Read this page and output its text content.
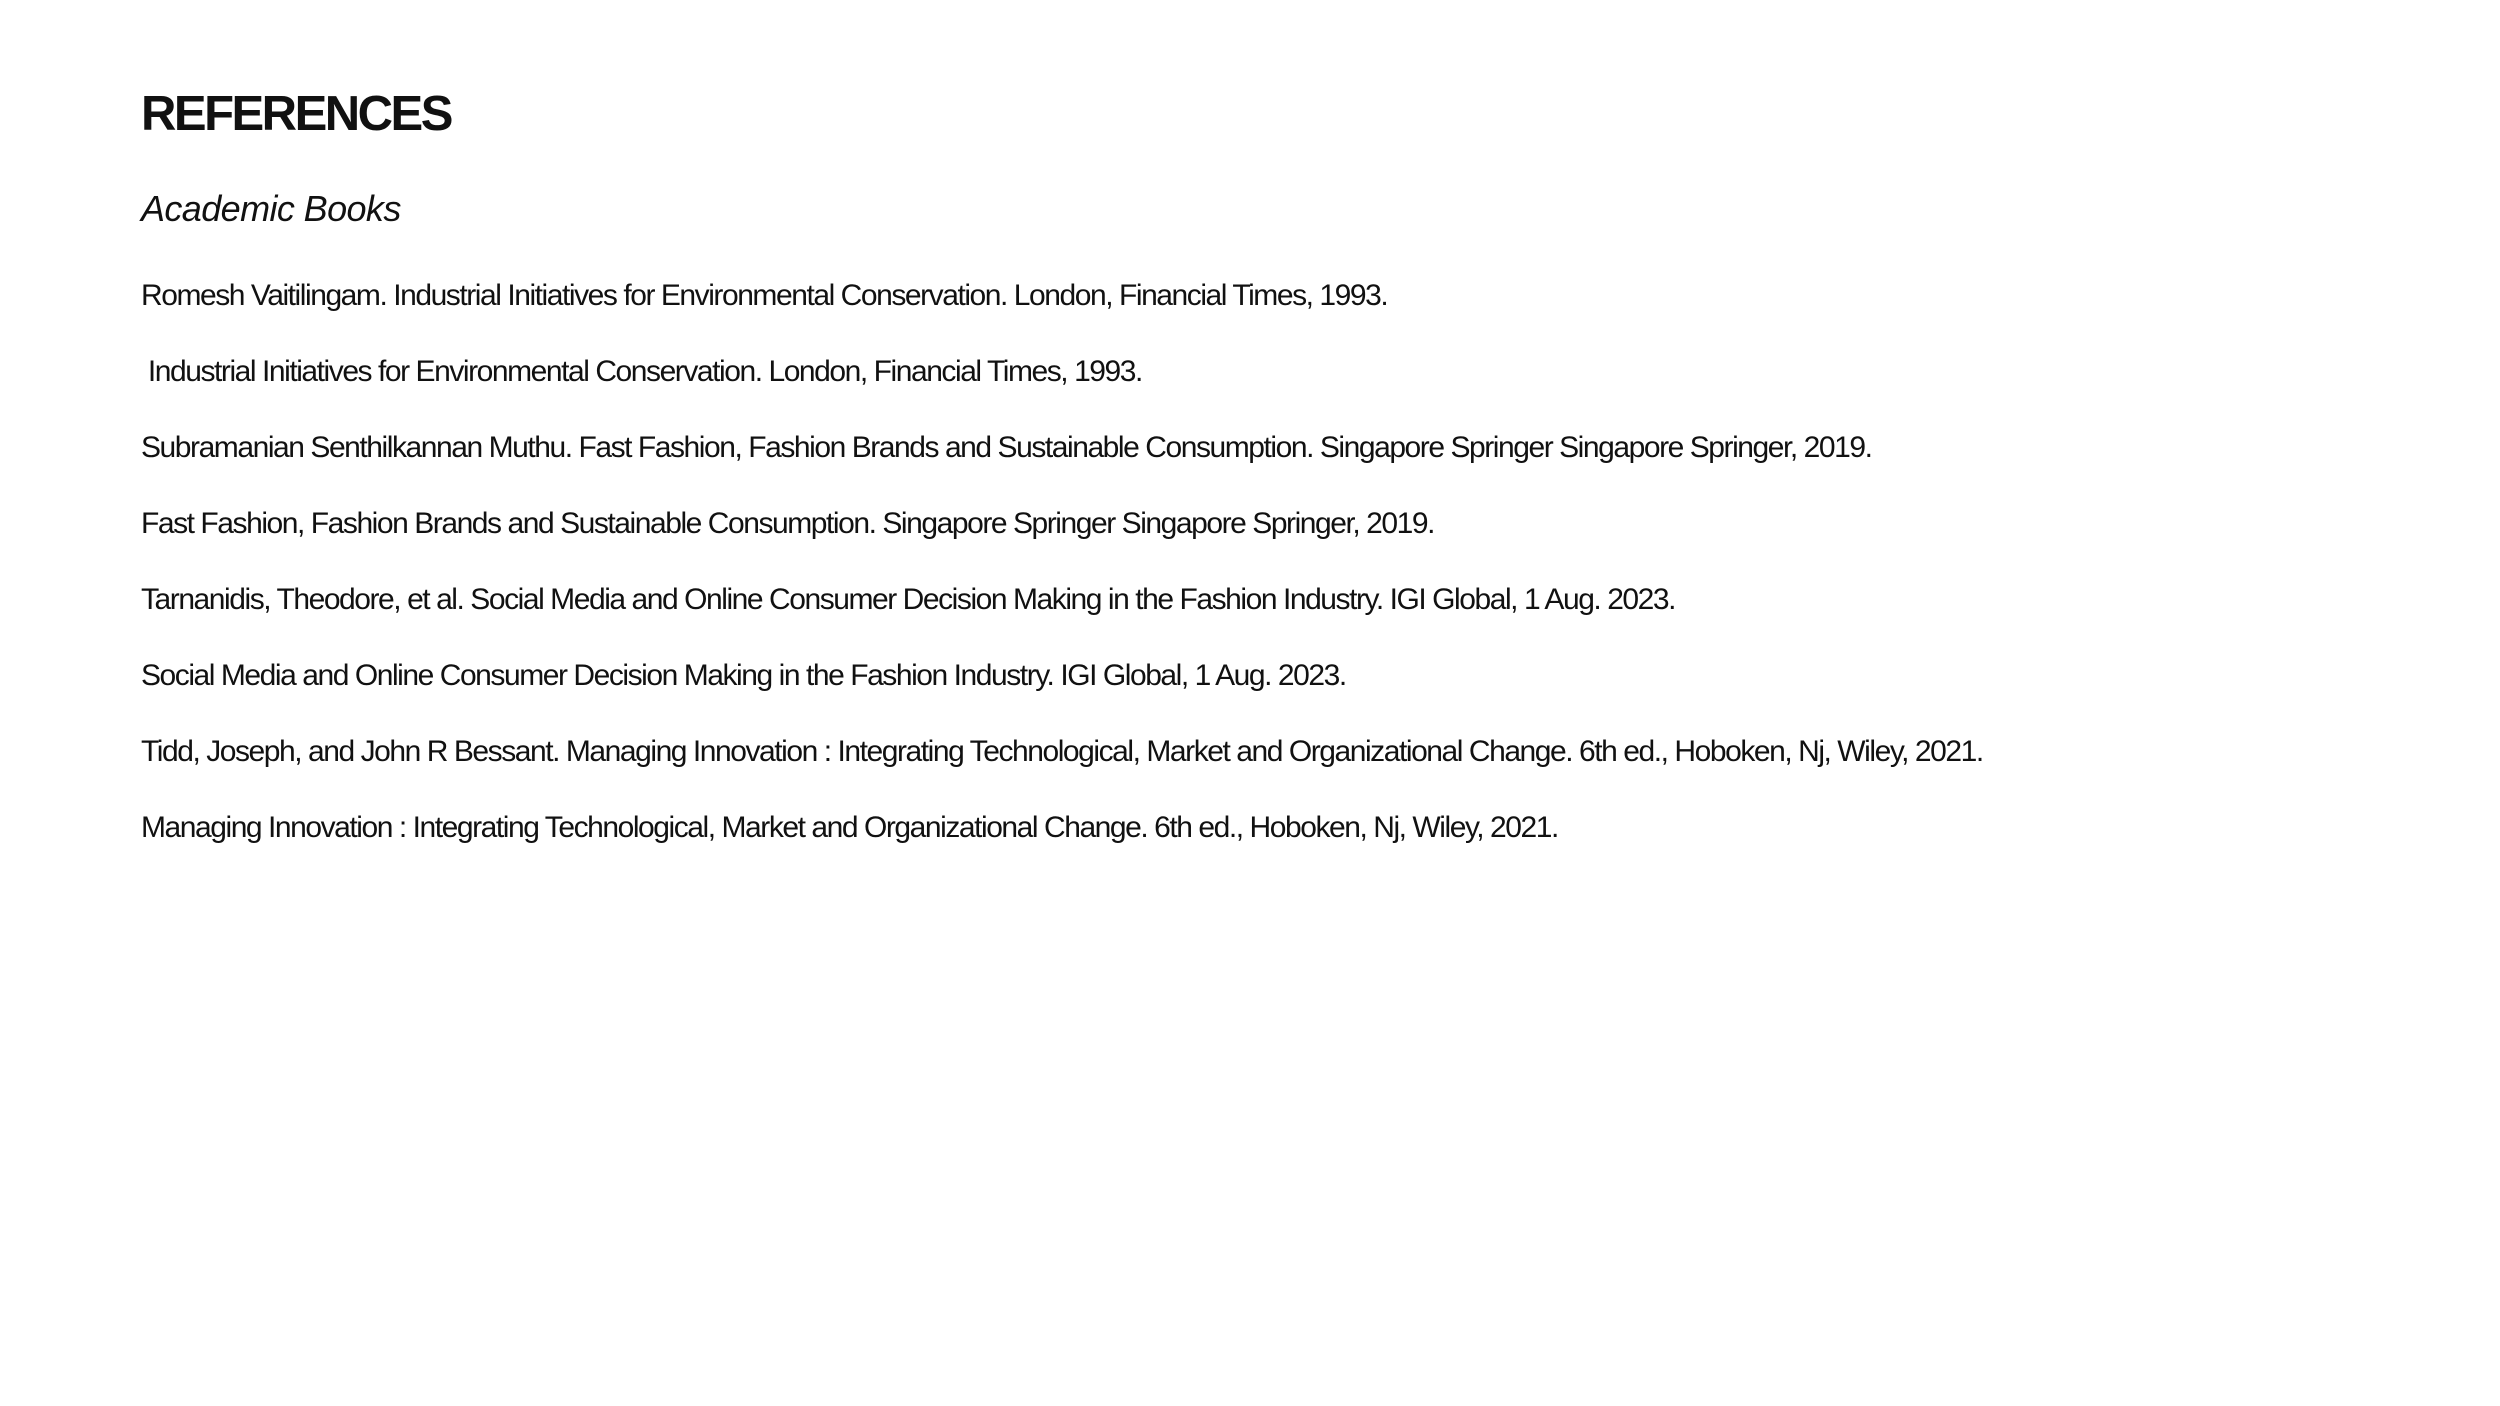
REFERENCES
Academic Books
Romesh Vaitilingam. Industrial Initiatives for Environmental Conservation. London, Financial Times, 1993.
Industrial Initiatives for Environmental Conservation. London, Financial Times, 1993.
Subramanian Senthilkannan Muthu. Fast Fashion, Fashion Brands and Sustainable Consumption. Singapore Springer Singapore Springer, 2019.
Fast Fashion, Fashion Brands and Sustainable Consumption. Singapore Springer Singapore Springer, 2019.
Tarnanidis, Theodore, et al. Social Media and Online Consumer Decision Making in the Fashion Industry. IGI Global, 1 Aug. 2023.
Social Media and Online Consumer Decision Making in the Fashion Industry. IGI Global, 1 Aug. 2023.
Tidd, Joseph, and John R Bessant. Managing Innovation : Integrating Technological, Market and Organizational Change. 6th ed., Hoboken, Nj, Wiley, 2021.
Managing Innovation : Integrating Technological, Market and Organizational Change. 6th ed., Hoboken, Nj, Wiley, 2021.
